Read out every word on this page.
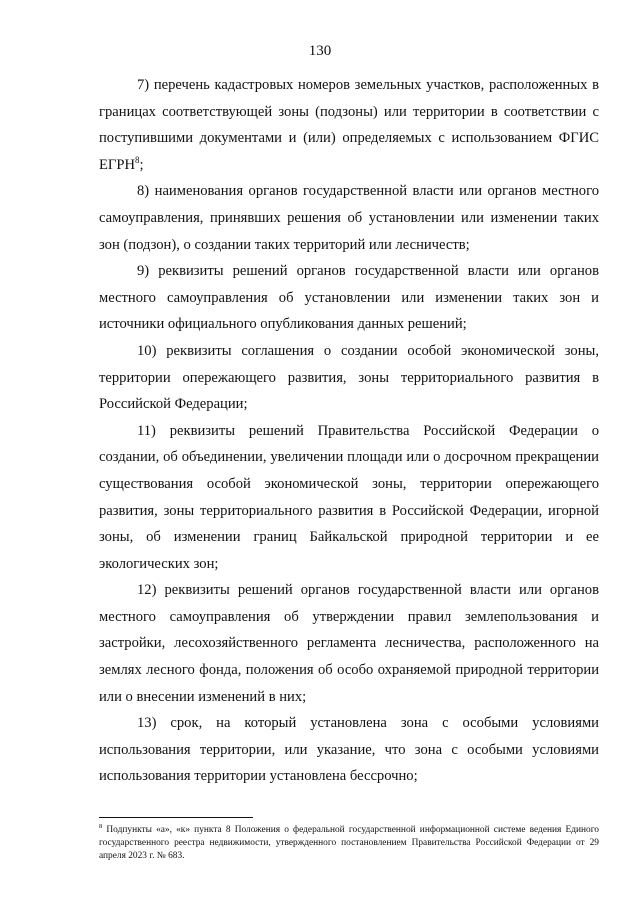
130

7) перечень кадастровых номеров земельных участков, расположенных в границах соответствующей зоны (подзоны) или территории в соответствии с поступившими документами и (или) определяемых с использованием ФГИС ЕГРН$^8$;

8) наименования органов государственной власти или органов местного самоуправления, принявших решения об установлении или изменении таких зон (подзон), о создании таких территорий или лесничеств;

9) реквизиты решений органов государственной власти или органов местного самоуправления об установлении или изменении таких зон и источники официального опубликования данных решений;

10) реквизиты соглашения о создании особой экономической зоны, территории опережающего развития, зоны территориального развития в Российской Федерации;

11) реквизиты решений Правительства Российской Федерации о создании, об объединении, увеличении площади или о досрочном прекращении существования особой экономической зоны, территории опережающего развития, зоны территориального развития в Российской Федерации, игорной зоны, об изменении границ Байкальской природной территории и ее экологических зон;

12) реквизиты решений органов государственной власти или органов местного самоуправления об утверждении правил землепользования и застройки, лесохозяйственного регламента лесничества, расположенного на землях лесного фонда, положения об особо охраняемой природной территории или о внесении изменений в них;

13) срок, на который установлена зона с особыми условиями использования территории, или указание, что зона с особыми условиями использования территории установлена бессрочно;

$^8$ Подпункты «а», «к» пункта 8 Положения о федеральной государственной информационной системе ведения Единого государственного реестра недвижимости, утвержденного постановлением Правительства Российской Федерации от 29 апреля 2023 г. № 683.
